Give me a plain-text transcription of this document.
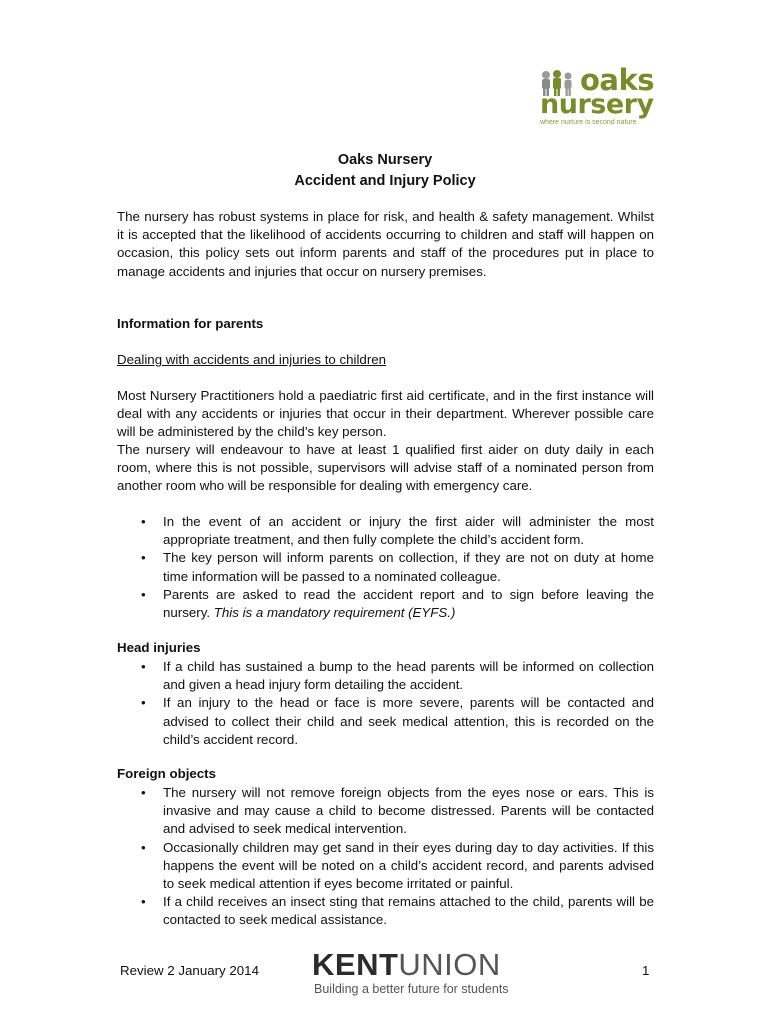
oaks
nursery
where nurture is second nature
Oaks Nursery
Accident and Injury Policy

The nursery has robust systems in place for risk, and health & safety management. Whilst it is accepted that the likelihood of accidents occurring to children and staff will happen on occasion, this policy sets out inform parents and staff of the procedures put in place to manage accidents and injuries that occur on nursery premises.

Information for parents

Dealing with accidents and injuries to children

Most Nursery Practitioners hold a paediatric first aid certificate, and in the first instance will deal with any accidents or injuries that occur in their department. Wherever possible care will be administered by the child’s key person.

The nursery will endeavour to have at least 1 qualified first aider on duty daily in each room, where this is not possible, supervisors will advise staff of a nominated person from another room who will be responsible for dealing with emergency care.

• In the event of an accident or injury the first aider will administer the most appropriate treatment, and then fully complete the child’s accident form.
• The key person will inform parents on collection, if they are not on duty at home time information will be passed to a nominated colleague.
• Parents are asked to read the accident report and to sign before leaving the nursery. This is a mandatory requirement (EYFS.)

Head injuries

• If a child has sustained a bump to the head parents will be informed on collection and given a head injury form detailing the accident.
• If an injury to the head or face is more severe, parents will be contacted and advised to collect their child and seek medical attention, this is recorded on the child’s accident record.

Foreign objects

• The nursery will not remove foreign objects from the eyes nose or ears. This is invasive and may cause a child to become distressed. Parents will be contacted and advised to seek medical intervention.
• Occasionally children may get sand in their eyes during day to day activities. If this happens the event will be noted on a child’s accident record, and parents advised to seek medical attention if eyes become irritated or painful.
• If a child receives an insect sting that remains attached to the child, parents will be contacted to seek medical assistance.
Review 2 January 2014 KENTUNION
Building a better future for students
1
